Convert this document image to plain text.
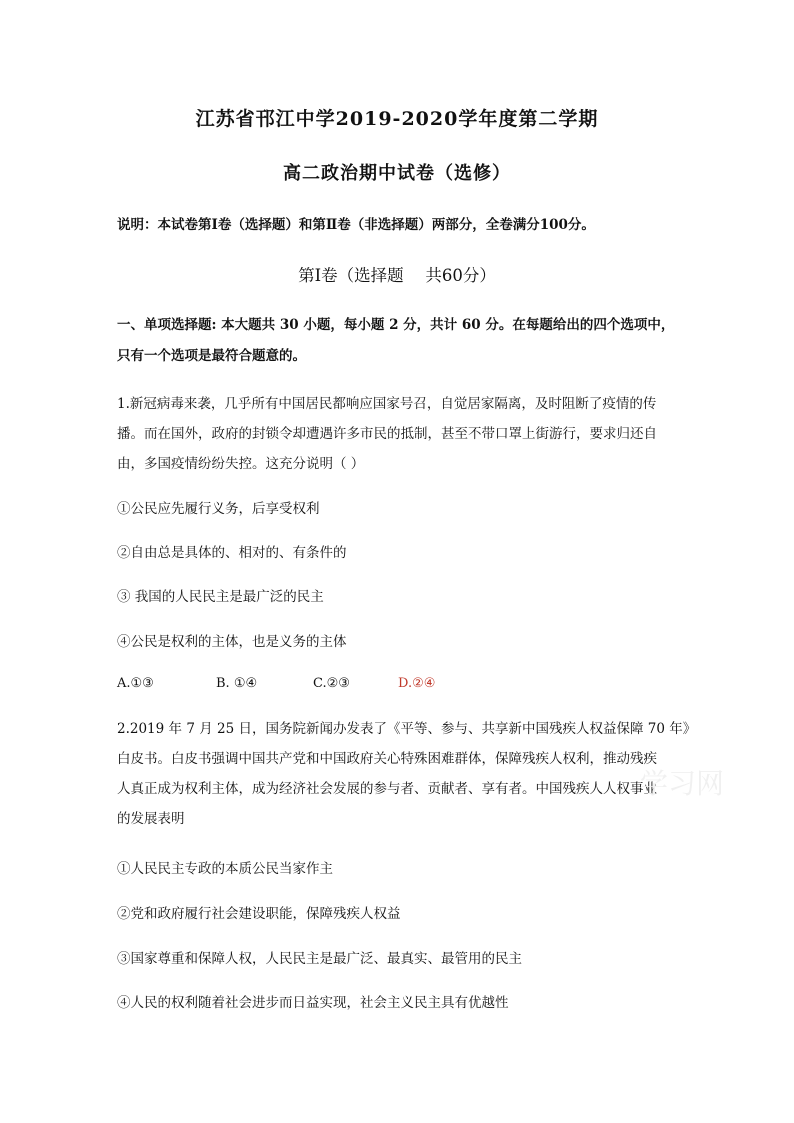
江苏省邗江中学2019-2020学年度第二学期
高二政治期中试卷（选修）
说明：本试卷第Ⅰ卷（选择题）和第Ⅱ卷（非选择题）两部分，全卷满分100分。
第Ⅰ卷（选择题　 共60分）
一、单项选择题: 本大题共 30 小题，每小题 2 分，共计 60 分。在每题给出的四个选项中，
只有一个选项是最符合题意的。
1.新冠病毒来袭，几乎所有中国居民都响应国家号召，自觉居家隔离，及时阻断了疫情的传
播。而在国外，政府的封锁令却遭遇许多市民的抵制，甚至不带口罩上街游行，要求归还自
由，多国疫情纷纷失控。这充分说明（ ）
①公民应先履行义务，后享受权利
②自由总是具体的、相对的、有条件的
③ 我国的人民民主是最广泛的民主
④公民是权利的主体，也是义务的主体
A.①③	B. ①④	C.②③	D.②④
2.2019 年 7 月 25 日，国务院新闻办发表了《平等、参与、共享新中国残疾人权益保障 70 年》
白皮书。白皮书强调中国共产党和中国政府关心特殊困难群体，保障残疾人权利，推动残疾
人真正成为权利主体，成为经济社会发展的参与者、贡献者、享有者。中国残疾人人权事业
的发展表明
①人民民主专政的本质公民当家作主
②党和政府履行社会建设职能，保障残疾人权益
③国家尊重和保障人权，人民民主是最广泛、最真实、最管用的民主
④人民的权利随着社会进步而日益实现，社会主义民主具有优越性
学习网
